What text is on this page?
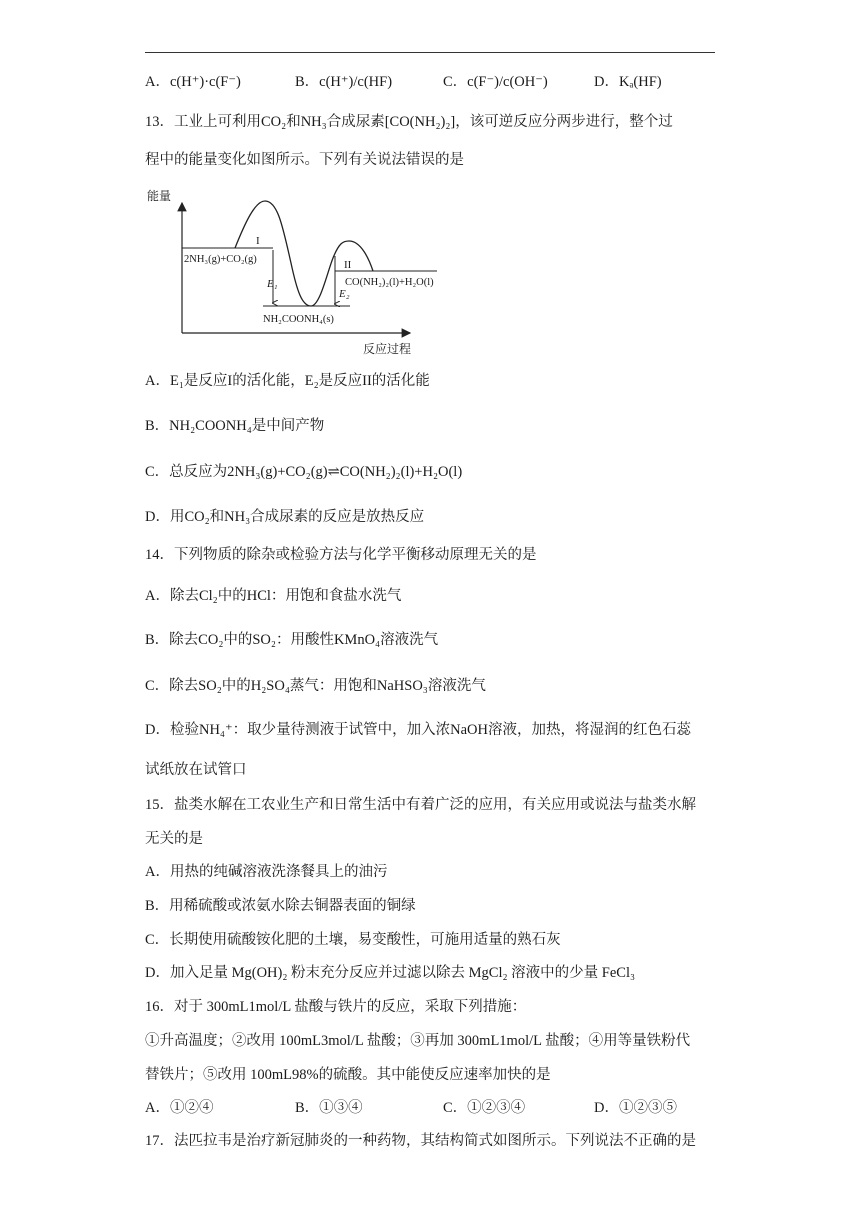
A．c(H⁺)·c(F⁻)	B．c(H⁺)/c(HF)	C．c(F⁻)/c(OH⁻)	D．Kₐ(HF)
13．工业上可利用CO₂和NH₃合成尿素[CO(NH₂)₂]，该可逆反应分两步进行，整个过
程中的能量变化如图所示。下列有关说法错误的是
能量
反应过程
E₁
E₂
I
II
2NH₃(g)+CO₂(g)
NH₂COONH₄(s)
CO(NH₂)₂(l)+H₂O(l)
A．E₁是反应I的活化能，E₂是反应II的活化能
B．NH₂COONH₄是中间产物
C．总反应为2NH₃(g)+CO₂(g)⇌CO(NH₂)₂(l)+H₂O(l)
D．用CO₂和NH₃合成尿素的反应是放热反应
14．下列物质的除杂或检验方法与化学平衡移动原理无关的是
A．除去Cl₂中的HCl：用饱和食盐水洗气
B．除去CO₂中的SO₂：用酸性KMnO₄溶液洗气
C．除去SO₂中的H₂SO₄蒸气：用饱和NaHSO₃溶液洗气
D．检验NH₄⁺：取少量待测液于试管中，加入浓NaOH溶液，加热，将湿润的红色石蕊
试纸放在试管口
15．盐类水解在工农业生产和日常生活中有着广泛的应用，有关应用或说法与盐类水解
无关的是
A．用热的纯碱溶液洗涤餐具上的油污
B．用稀硫酸或浓氨水除去铜器表面的铜绿
C．长期使用硫酸铵化肥的土壤，易变酸性，可施用适量的熟石灰
D．加入足量 Mg(OH)₂ 粉末充分反应并过滤以除去 MgCl₂ 溶液中的少量 FeCl₃
16．对于 300mL1mol/L 盐酸与铁片的反应，采取下列措施：
①升高温度；②改用 100mL3mol/L 盐酸；③再加 300mL1mol/L 盐酸；④用等量铁粉代
替铁片；⑤改用 100mL98%的硫酸。其中能使反应速率加快的是
A．①②④	B．①③④	C．①②③④	D．①②③⑤
17．法匹拉韦是治疗新冠肺炎的一种药物，其结构简式如图所示。下列说法不正确的是
